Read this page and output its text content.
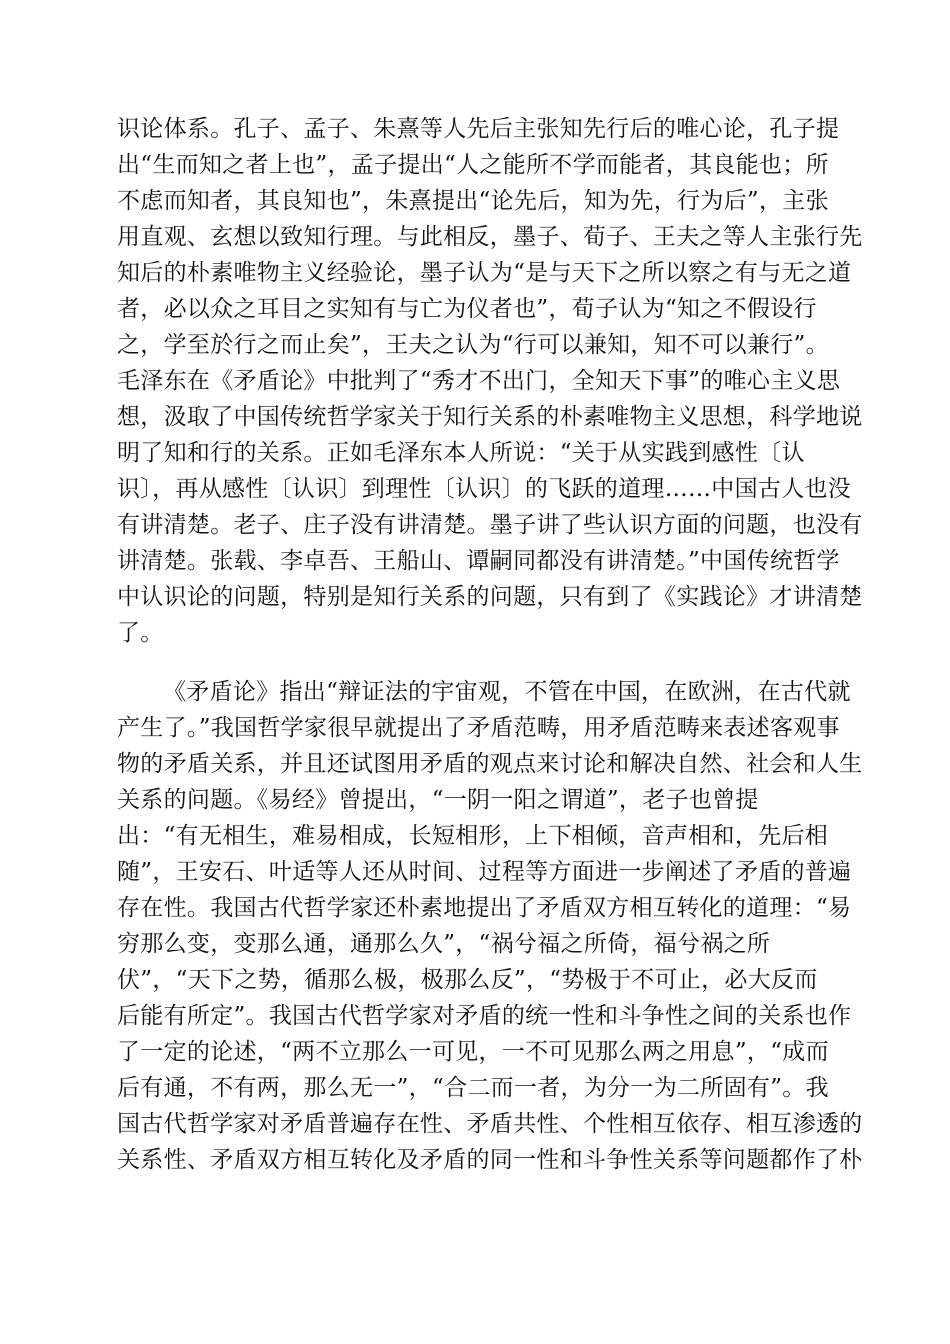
识论体系。孔子、孟子、朱熹等人先后主张知先行后的唯心论，孔子提
出“生而知之者上也”，孟子提出“人之能所不学而能者，其良能也；所
不虑而知者，其良知也”，朱熹提出“论先后，知为先，行为后”，主张
用直观、玄想以致知行理。与此相反，墨子、荀子、王夫之等人主张行先
知后的朴素唯物主义经验论，墨子认为“是与天下之所以察之有与无之道
者，必以众之耳目之实知有与亡为仪者也”，荀子认为“知之不假设行
之，学至於行之而止矣”，王夫之认为“行可以兼知，知不可以兼行”。
毛泽东在《矛盾论》中批判了“秀才不出门，全知天下事”的唯心主义思
想，汲取了中国传统哲学家关于知行关系的朴素唯物主义思想，科学地说
明了知和行的关系。正如毛泽东本人所说：“关于从实践到感性〔认
识〕，再从感性〔认识〕到理性〔认识〕的飞跃的道理……中国古人也没
有讲清楚。老子、庄子没有讲清楚。墨子讲了些认识方面的问题，也没有
讲清楚。张载、李卓吾、王船山、谭嗣同都没有讲清楚。”中国传统哲学
中认识论的问题，特别是知行关系的问题，只有到了《实践论》才讲清楚
了。
《矛盾论》指出“辩证法的宇宙观，不管在中国，在欧洲，在古代就
产生了。”我国哲学家很早就提出了矛盾范畴，用矛盾范畴来表述客观事
物的矛盾关系，并且还试图用矛盾的观点来讨论和解决自然、社会和人生
关系的问题。《易经》曾提出，“一阴一阳之谓道”，老子也曾提
出：“有无相生，难易相成，长短相形，上下相倾，音声相和，先后相
随”，王安石、叶适等人还从时间、过程等方面进一步阐述了矛盾的普遍
存在性。我国古代哲学家还朴素地提出了矛盾双方相互转化的道理：“易
穷那么变，变那么通，通那么久”，“祸兮福之所倚，福兮祸之所
伏”，“天下之势，循那么极，极那么反”，“势极于不可止，必大反而
后能有所定”。我国古代哲学家对矛盾的统一性和斗争性之间的关系也作
了一定的论述，“两不立那么一可见，一不可见那么两之用息”，“成而
后有通，不有两，那么无一”，“合二而一者，为分一为二所固有”。我
国古代哲学家对矛盾普遍存在性、矛盾共性、个性相互依存、相互渗透的
关系性、矛盾双方相互转化及矛盾的同一性和斗争性关系等问题都作了朴
